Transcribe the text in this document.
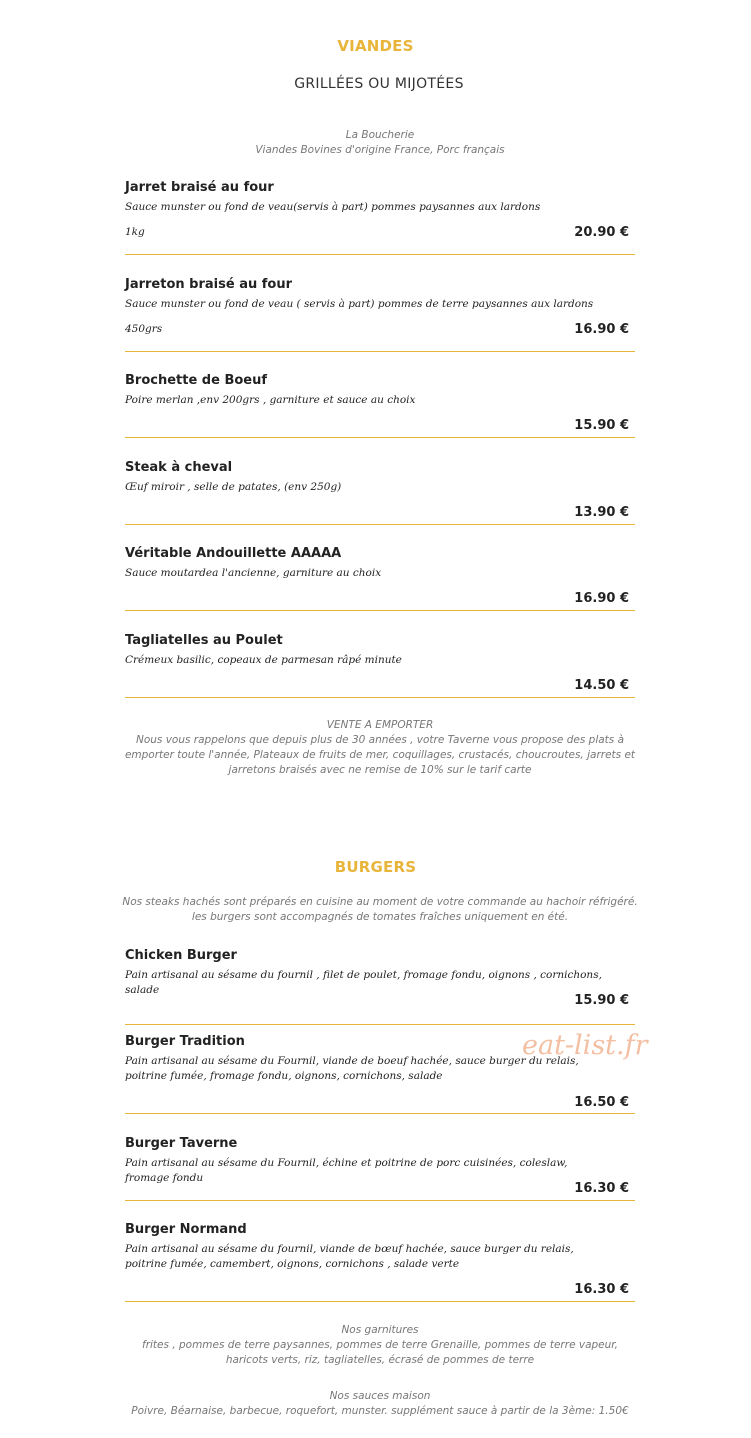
VIANDES
GRILLÉES OU MIJOTÉES

La Boucherie

Viandes Bovines d'origine France, Porc français

Jarret braisé au four
Sauce munster ou fond de veau(servis à part) pommes paysannes aux lardons
1kg	20.90 €
Jarreton braisé au four
Sauce munster ou fond de veau ( servis à part) pommes de terre paysannes aux lardons
450grs	16.90 €
Brochette de Boeuf
Poire merlan ,env 200grs , garniture et sauce au choix
15.90 €
Steak à cheval
Œuf miroir , selle de patates, (env 250g)
13.90 €
Véritable Andouillette AAAAA
Sauce moutardea l'ancienne, garniture au choix
16.90 €
Tagliatelles au Poulet
Crémeux basilic, copeaux de parmesan râpé minute
14.50 €

VENTE A EMPORTER

Nous vous rappelons que depuis plus de 30 années , votre Taverne vous propose des plats à emporter toute l'année, Plateaux de fruits de mer, coquillages, crustacés, choucroutes, jarrets et jarretons braisés avec ne remise de 10% sur le tarif carte

BURGERS
Nos steaks hachés sont préparés en cuisine au moment de votre commande au hachoir réfrigéré. les burgers sont accompagnés de tomates fraîches uniquement en été.
Chicken Burger
Pain artisanal au sésame du fournil , filet de poulet, fromage fondu, oignons , cornichons, salade
15.90 €
Burger Tradition
Pain artisanal au sésame du Fournil, viande de boeuf hachée, sauce burger du relais, poitrine fumée, fromage fondu, oignons, cornichons, salade
16.50 €
Burger Taverne
Pain artisanal au sésame du Fournil, échine et poitrine de porc cuisinées, coleslaw, fromage fondu
16.30 €
Burger Normand
Pain artisanal au sésame du fournil, viande de bœuf hachée, sauce burger du relais, poitrine fumée, camembert, oignons, cornichons , salade verte
16.30 €

Nos garnitures

frites , pommes de terre paysannes, pommes de terre Grenaille, pommes de terre vapeur, haricots verts, riz, tagliatelles, écrasé de pommes de terre

Nos sauces maison

Poivre, Béarnaise, barbecue, roquefort, munster. supplément sauce à partir de la 3ème: 1.50€

eat-list.fr
